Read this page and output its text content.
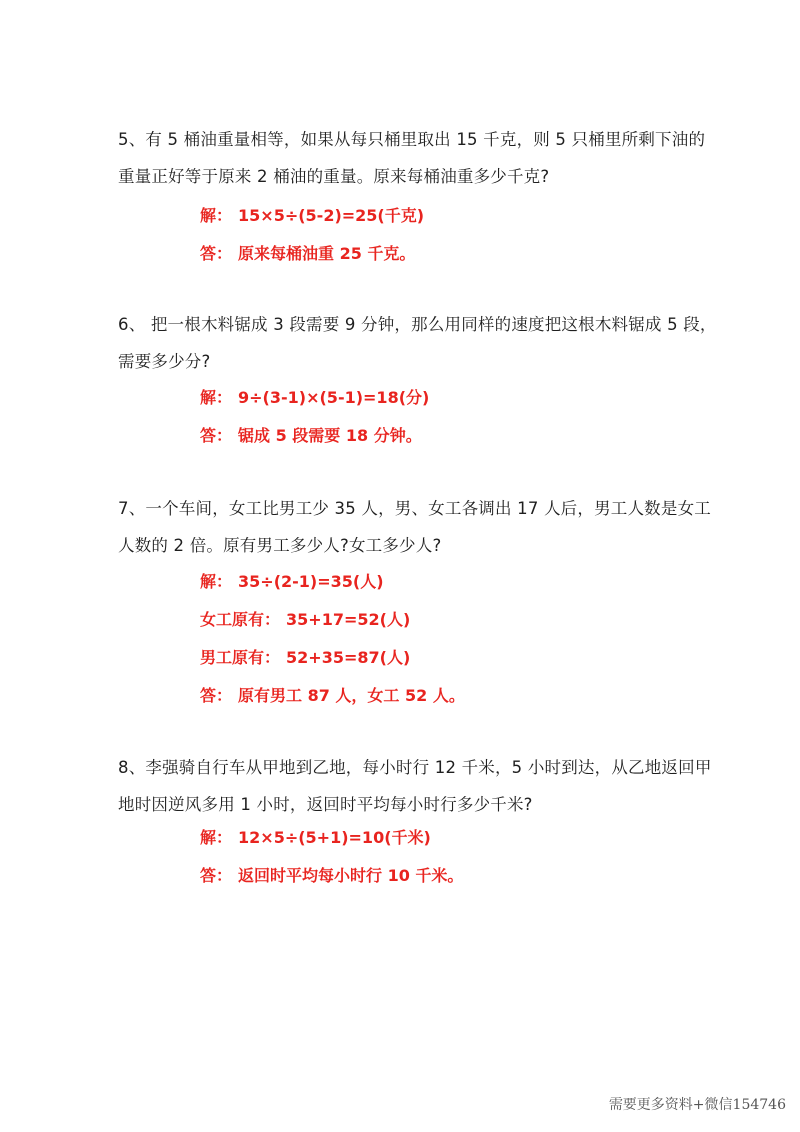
5、有 5 桶油重量相等，如果从每只桶里取出 15 千克，则 5 只桶里所剩下油的
重量正好等于原来 2 桶油的重量。原来每桶油重多少千克?
解： 15×5÷(5-2)=25(千克)
答： 原来每桶油重 25 千克。
6、 把一根木料锯成 3 段需要 9 分钟，那么用同样的速度把这根木料锯成 5 段，
需要多少分?
解： 9÷(3-1)×(5-1)=18(分)
答： 锯成 5 段需要 18 分钟。
7、一个车间，女工比男工少 35 人，男、女工各调出 17 人后，男工人数是女工
人数的 2 倍。原有男工多少人?女工多少人?
解： 35÷(2-1)=35(人)
女工原有： 35+17=52(人)
男工原有： 52+35=87(人)
答： 原有男工 87 人，女工 52 人。
8、李强骑自行车从甲地到乙地，每小时行 12 千米，5 小时到达，从乙地返回甲
地时因逆风多用 1 小时，返回时平均每小时行多少千米?
解： 12×5÷(5+1)=10(千米)
答： 返回时平均每小时行 10 千米。
需要更多资料+微信154746
